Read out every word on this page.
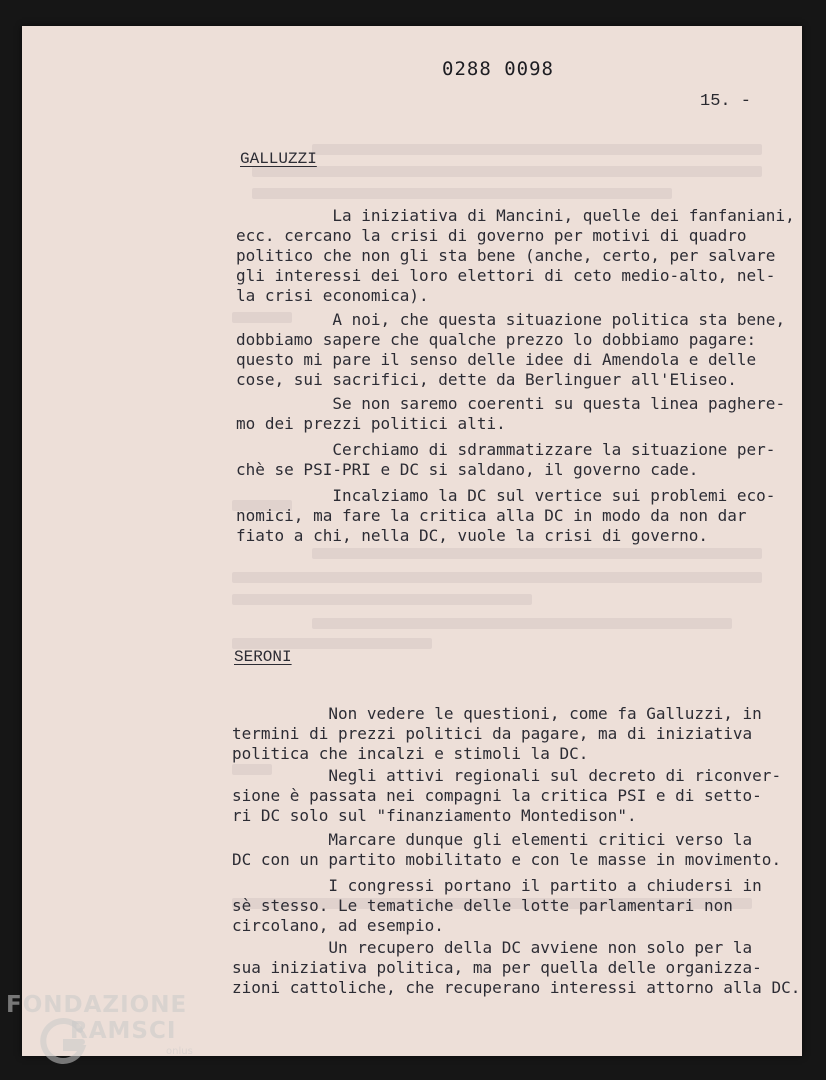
0288 0098
15. -
GALLUZZI
La iniziativa di Mancini, quelle dei fanfaniani,
ecc. cercano la crisi di governo per motivi di quadro
politico che non gli sta bene (anche, certo, per salvare
gli interessi dei loro elettori di ceto medio-alto, nel-
la crisi economica).
A noi, che questa situazione politica sta bene,
dobbiamo sapere che qualche prezzo lo dobbiamo pagare:
questo mi pare il senso delle idee di Amendola e delle
cose, sui sacrifici, dette da Berlinguer all'Eliseo.
Se non saremo coerenti su questa linea paghere-
mo dei prezzi politici alti.
Cerchiamo di sdrammatizzare la situazione per-
chè se PSI-PRI e DC si saldano, il governo cade.
Incalziamo la DC sul vertice sui problemi eco-
nomici, ma fare la critica alla DC in modo da non dar
fiato a chi, nella DC, vuole la crisi di governo.
SERONI
Non vedere le questioni, come fa Galluzzi, in
termini di prezzi politici da pagare, ma di iniziativa
politica che incalzi e stimoli la DC.
Negli attivi regionali sul decreto di riconver-
sione è passata nei compagni la critica PSI e di setto-
ri DC solo sul "finanziamento Montedison".
Marcare dunque gli elementi critici verso la
DC con un partito mobilitato e con le masse in movimento.
I congressi portano il partito a chiudersi in
sè stesso. Le tematiche delle lotte parlamentari non
circolano, ad esempio.
Un recupero della DC avviene non solo per la
sua iniziativa politica, ma per quella delle organizza-
zioni cattoliche, che recuperano interessi attorno alla DC.
FONDAZIONE
RAMSCI
onlus
